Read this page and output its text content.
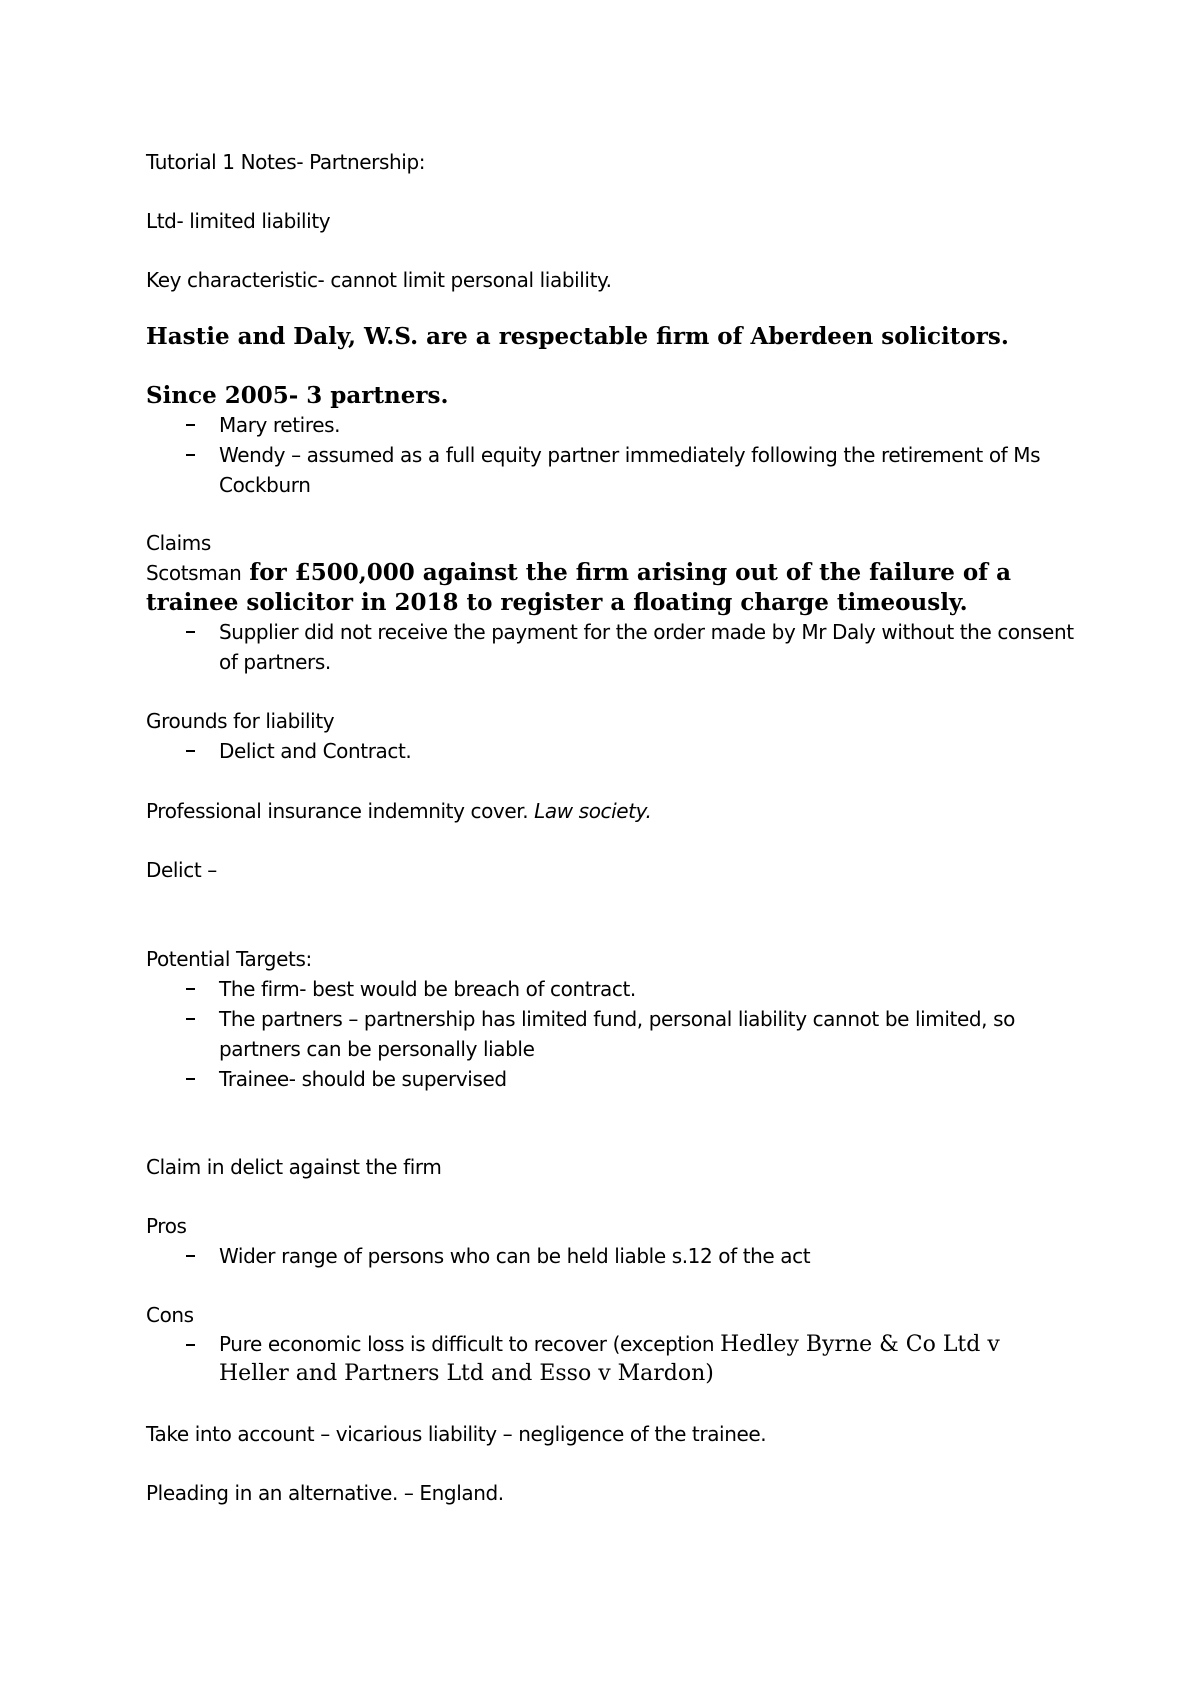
Tutorial 1 Notes- Partnership:

Ltd- limited liability

Key characteristic- cannot limit personal liability.

Hastie and Daly, W.S. are a respectable firm of Aberdeen solicitors.

Since 2005- 3 partners.

Mary retires.

Wendy – assumed as a full equity partner immediately following the retirement of Ms Cockburn

Claims

Scotsman for £500,000 against the firm arising out of the failure of a trainee solicitor in 2018 to register a floating charge timeously.

Supplier did not receive the payment for the order made by Mr Daly without the consent of partners.

Grounds for liability

Delict and Contract.

Professional insurance indemnity cover. Law society.

Delict –

Potential Targets:

The firm- best would be breach of contract.

The partners – partnership has limited fund, personal liability cannot be limited, so partners can be personally liable

Trainee- should be supervised

Claim in delict against the firm

Pros

Wider range of persons who can be held liable s.12 of the act

Cons

Pure economic loss is difficult to recover (exception Hedley Byrne & Co Ltd v Heller and Partners Ltd and Esso v Mardon)

Take into account – vicarious liability – negligence of the trainee.

Pleading in an alternative. – England.
